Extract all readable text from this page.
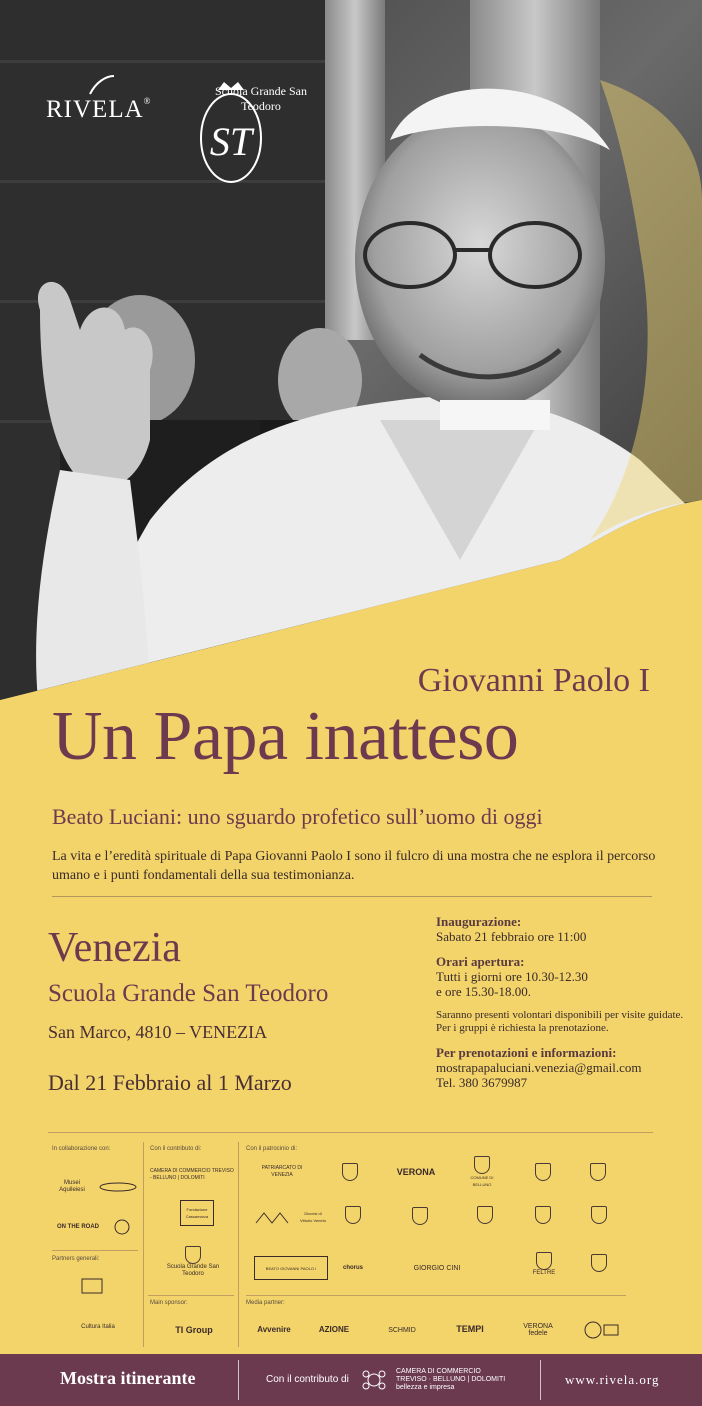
RIVELA®
ST
Scuola Grande San Teodoro
Giovanni Paolo I
Un Papa inatteso
Beato Luciani: uno sguardo profetico sull’uomo di oggi
La vita e l’eredità spirituale di Papa Giovanni Paolo I sono il fulcro di una mostra che ne esplora il percorso umano e i punti fondamentali della sua testimonianza.
Venezia
Scuola Grande San Teodoro
San Marco, 4810 – VENEZIA
Dal 21 Febbraio al 1 Marzo
Inaugurazione:
Sabato 21 febbraio ore 11:00
Orari apertura:
Tutti i giorni ore 10.30-12.30
e ore 15.30-18.00.
Saranno presenti volontari disponibili per visite guidate. Per i gruppi è richiesta la prenotazione.
Per prenotazioni e informazioni:
mostrapapaluciani.venezia@gmail.com
Tel. 380 3679987
In collaborazione con:	Con il contributo di:	Con il patrocinio di:
Partners generali:
Main sponsor:	Media partner:
Musei Aquileiesi
ON THE ROAD
Cultura Italia
CAMERA DI COMMERCIO TREVISO - BELLUNO | DOLOMITI
Fondazione Cassamarca
Scuola Grande San Teodoro
TI Group
PATRIARCATO DI VENEZIA	VERONA
COMUNE DI BELLUNO
Diocesi di Vittorio Veneto
BEATO GIOVANNI PAOLO I	chorus	GIORGIO CINI
FELTRE
Avvenire	AZIONE	SCHMID	TEMPI	VERONA fedele
Mostra itinerante	Con il contributo di
CAMERA DI COMMERCIO
TREVISO · BELLUNO | DOLOMITI
bellezza e impresa
www.rivela.org
